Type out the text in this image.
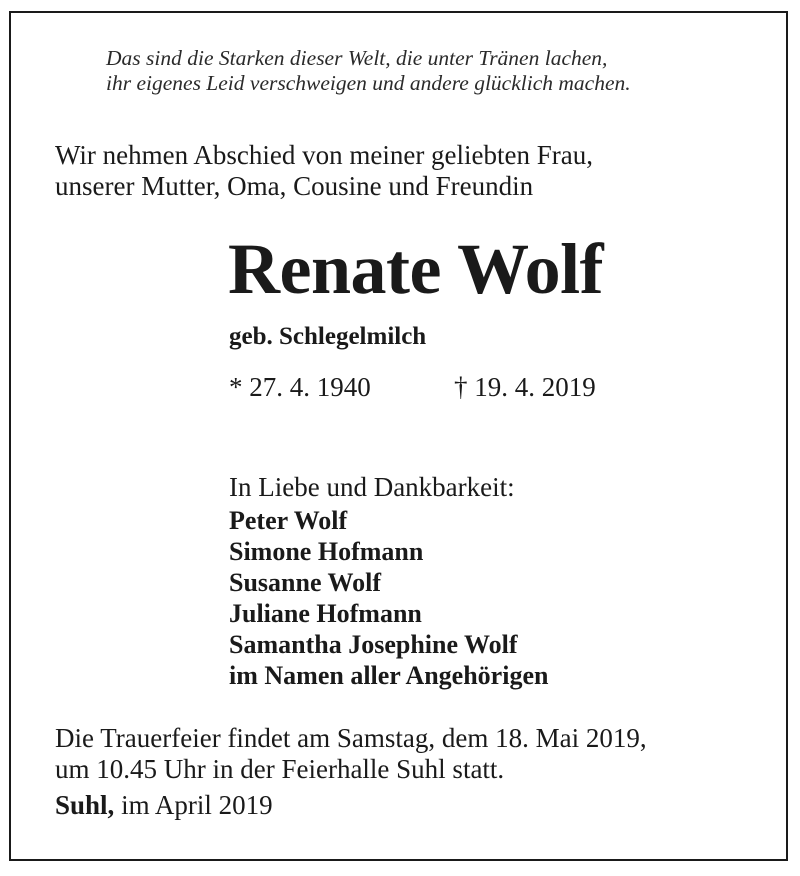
Das sind die Starken dieser Welt, die unter Tränen lachen,
ihr eigenes Leid verschweigen und andere glücklich machen.
Wir nehmen Abschied von meiner geliebten Frau,
unserer Mutter, Oma, Cousine und Freundin
Renate Wolf
geb. Schlegelmilch
* 27. 4. 1940	† 19. 4. 2019
In Liebe und Dankbarkeit:
Peter Wolf
Simone Hofmann
Susanne Wolf
Juliane Hofmann
Samantha Josephine Wolf
im Namen aller Angehörigen
Die Trauerfeier findet am Samstag, dem 18. Mai 2019,
um 10.45 Uhr in der Feierhalle Suhl statt.
Suhl, im April 2019
